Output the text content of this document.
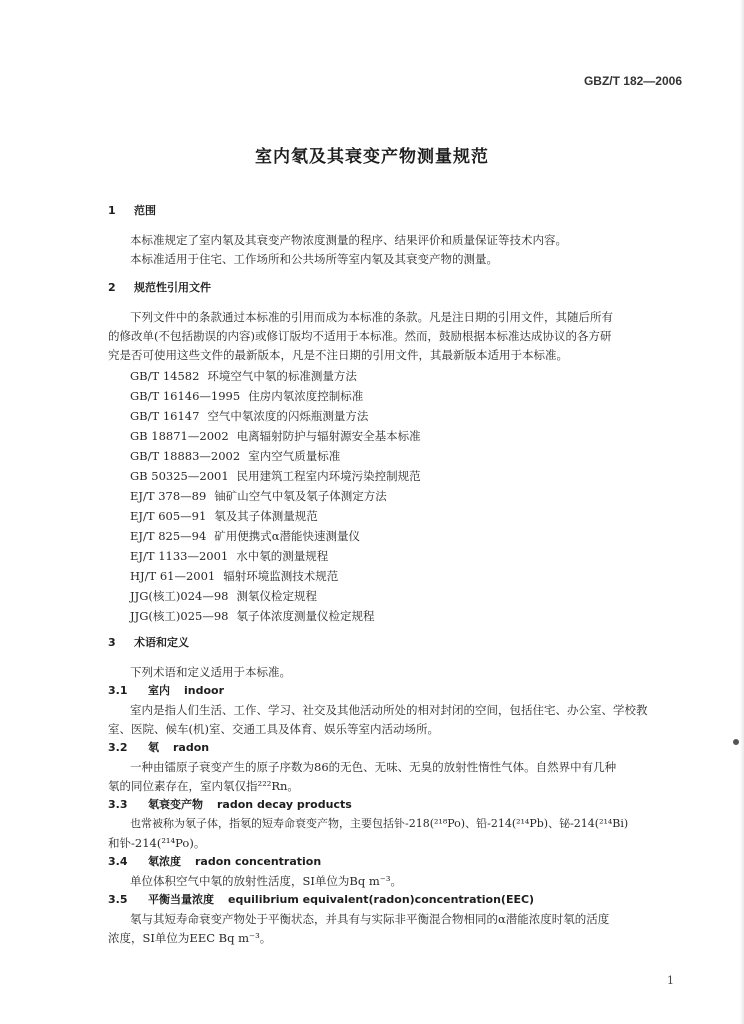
GBZ/T 182—2006
室内氡及其衰变产物测量规范
1 范围
本标准规定了室内氡及其衰变产物浓度测量的程序、结果评价和质量保证等技术内容。
本标准适用于住宅、工作场所和公共场所等室内氡及其衰变产物的测量。
2 规范性引用文件
下列文件中的条款通过本标准的引用而成为本标准的条款。凡是注日期的引用文件，其随后所有
的修改单(不包括勘误的内容)或修订版均不适用于本标准。然而，鼓励根据本标准达成协议的各方研
究是否可使用这些文件的最新版本，凡是不注日期的引用文件，其最新版本适用于本标准。
GB/T 14582 环境空气中氡的标准测量方法
GB/T 16146—1995 住房内氡浓度控制标准
GB/T 16147 空气中氡浓度的闪烁瓶测量方法
GB 18871—2002 电离辐射防护与辐射源安全基本标准
GB/T 18883—2002 室内空气质量标准
GB 50325—2001 民用建筑工程室内环境污染控制规范
EJ/T 378—89 铀矿山空气中氡及氡子体测定方法
EJ/T 605—91 氡及其子体测量规范
EJ/T 825—94 矿用便携式α潜能快速测量仪
EJ/T 1133—2001 水中氡的测量规程
HJ/T 61—2001 辐射环境监测技术规范
JJG(核工)024—98 测氡仪检定规程
JJG(核工)025—98 氡子体浓度测量仪检定规程
3 术语和定义
下列术语和定义适用于本标准。
3.1 室内 indoor
室内是指人们生活、工作、学习、社交及其他活动所处的相对封闭的空间，包括住宅、办公室、学校教
室、医院、候车(机)室、交通工具及体育、娱乐等室内活动场所。
3.2 氡 radon
一种由镭原子衰变产生的原子序数为86的无色、无味、无臭的放射性惰性气体。自然界中有几种
氡的同位素存在，室内氡仅指²²²Rn。
3.3 氡衰变产物 radon decay products
也常被称为氡子体，指氡的短寿命衰变产物，主要包括钋-218(²¹⁸Po)、铅-214(²¹⁴Pb)、铋-214(²¹⁴Bi)
和钋-214(²¹⁴Po)。
3.4 氡浓度 radon concentration
单位体积空气中氡的放射性活度，SI单位为Bq m⁻³。
3.5 平衡当量浓度 equilibrium equivalent(radon)concentration(EEC)
氡与其短寿命衰变产物处于平衡状态，并具有与实际非平衡混合物相同的α潜能浓度时氡的活度
浓度，SI单位为EEC Bq m⁻³。
1
